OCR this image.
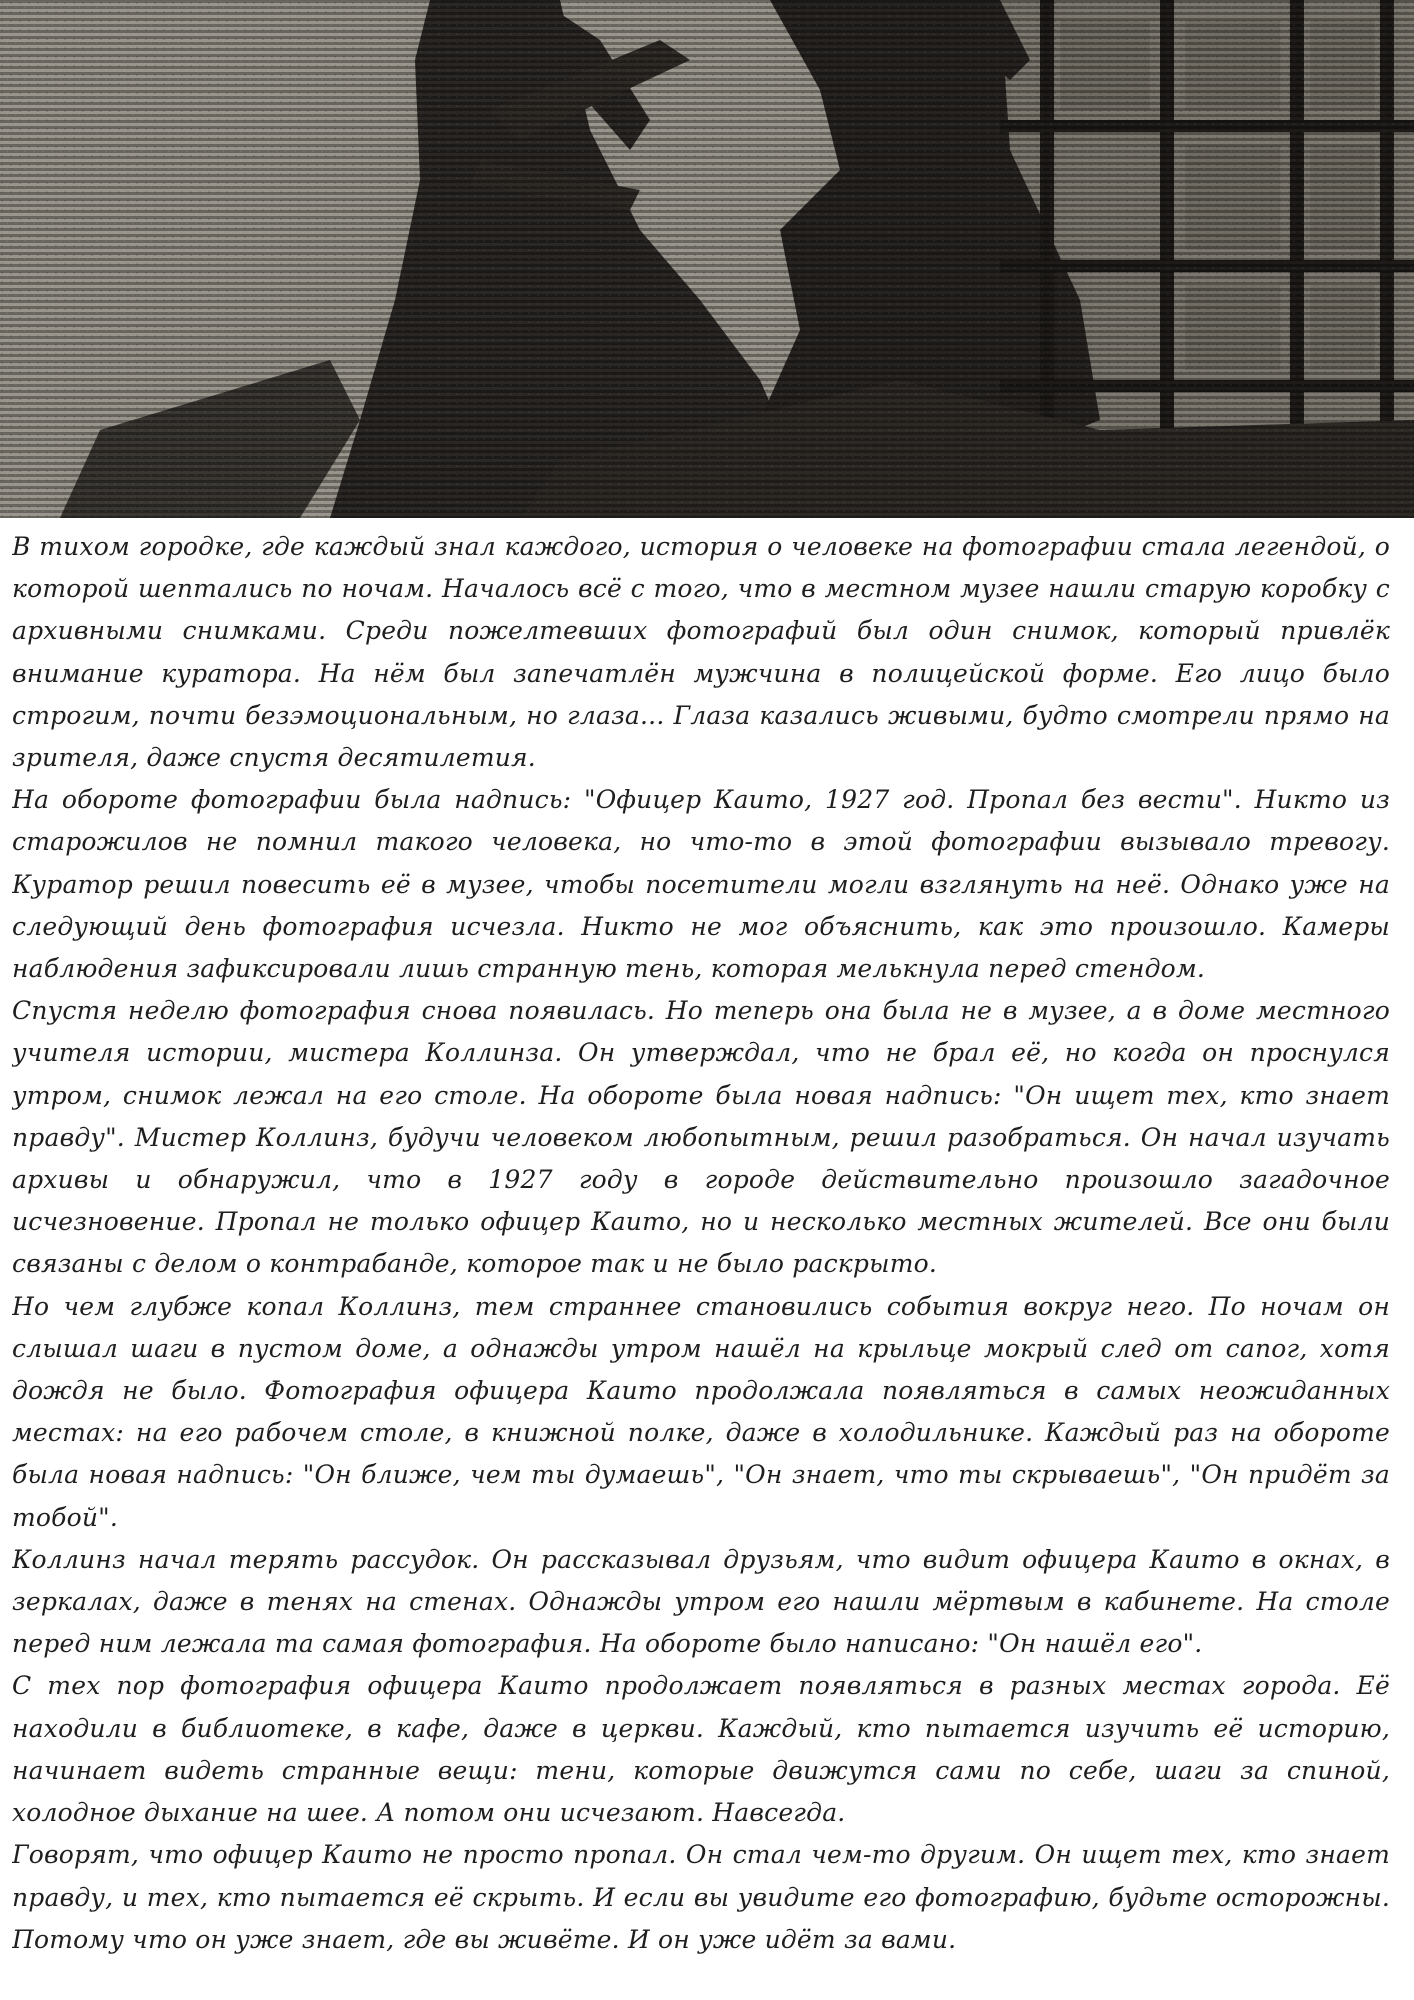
В тихом городке, где каждый знал каждого, история о человеке на фотографии стала легендой, о которой шептались по ночам. Началось всё с того, что в местном музее нашли старую коробку с архивными снимками. Среди пожелтевших фотографий был один снимок, который привлёк внимание куратора. На нём был запечатлён мужчина в полицейской форме. Его лицо было строгим, почти безэмоциональным, но глаза... Глаза казались живыми, будто смотрели прямо на зрителя, даже спустя десятилетия.

На обороте фотографии была надпись: "Офицер Каито, 1927 год. Пропал без вести". Никто из старожилов не помнил такого человека, но что-то в этой фотографии вызывало тревогу. Куратор решил повесить её в музее, чтобы посетители могли взглянуть на неё. Однако уже на следующий день фотография исчезла. Никто не мог объяснить, как это произошло. Камеры наблюдения зафиксировали лишь странную тень, которая мелькнула перед стендом.

Спустя неделю фотография снова появилась. Но теперь она была не в музее, а в доме местного учителя истории, мистера Коллинза. Он утверждал, что не брал её, но когда он проснулся утром, снимок лежал на его столе. На обороте была новая надпись: "Он ищет тех, кто знает правду". Мистер Коллинз, будучи человеком любопытным, решил разобраться. Он начал изучать архивы и обнаружил, что в 1927 году в городе действительно произошло загадочное исчезновение. Пропал не только офицер Каито, но и несколько местных жителей. Все они были связаны с делом о контрабанде, которое так и не было раскрыто.

Но чем глубже копал Коллинз, тем страннее становились события вокруг него. По ночам он слышал шаги в пустом доме, а однажды утром нашёл на крыльце мокрый след от сапог, хотя дождя не было. Фотография офицера Каито продолжала появляться в самых неожиданных местах: на его рабочем столе, в книжной полке, даже в холодильнике. Каждый раз на обороте была новая надпись: "Он ближе, чем ты думаешь", "Он знает, что ты скрываешь", "Он придёт за тобой".

Коллинз начал терять рассудок. Он рассказывал друзьям, что видит офицера Каито в окнах, в зеркалах, даже в тенях на стенах. Однажды утром его нашли мёртвым в кабинете. На столе перед ним лежала та самая фотография. На обороте было написано: "Он нашёл его".

С тех пор фотография офицера Каито продолжает появляться в разных местах города. Её находили в библиотеке, в кафе, даже в церкви. Каждый, кто пытается изучить её историю, начинает видеть странные вещи: тени, которые движутся сами по себе, шаги за спиной, холодное дыхание на шее. А потом они исчезают. Навсегда.

Говорят, что офицер Каито не просто пропал. Он стал чем-то другим. Он ищет тех, кто знает правду, и тех, кто пытается её скрыть. И если вы увидите его фотографию, будьте осторожны. Потому что он уже знает, где вы живёте. И он уже идёт за вами.
